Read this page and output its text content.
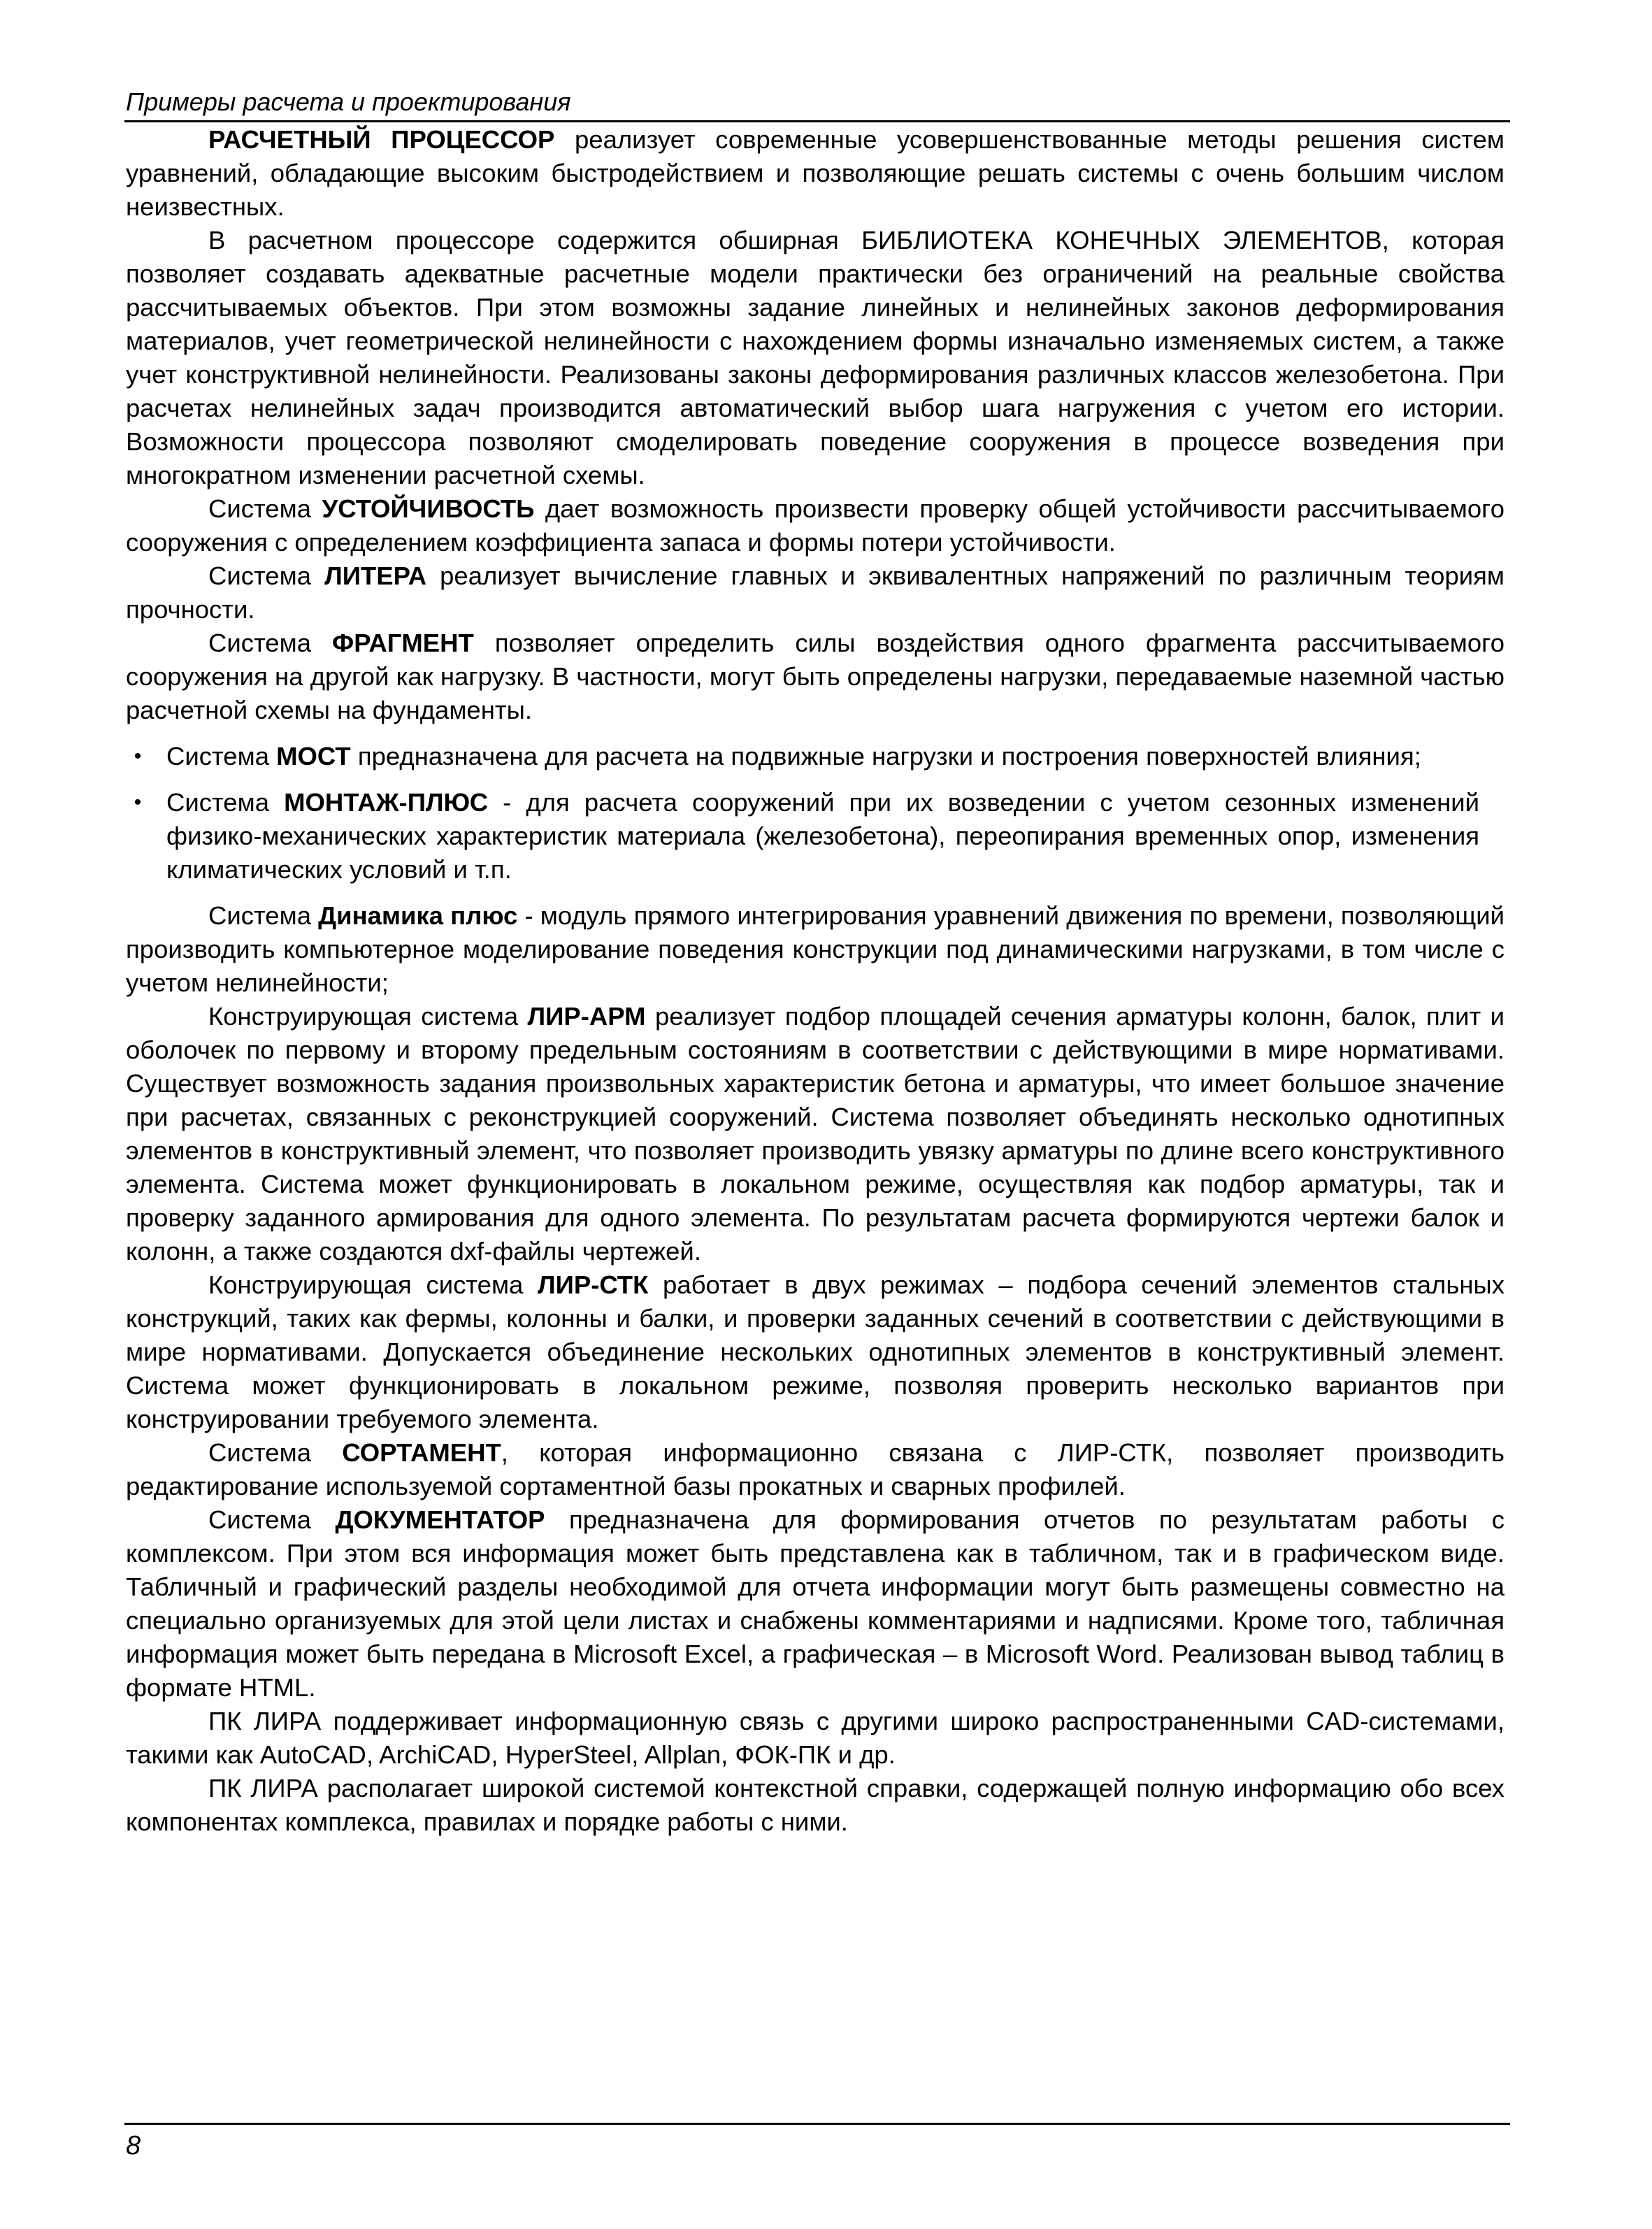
Примеры расчета и проектирования

РАСЧЕТНЫЙ ПРОЦЕССОР реализует современные усовершенствованные методы решения систем уравнений, обладающие высоким быстродействием и позволяющие решать системы с очень большим числом неизвестных.

В расчетном процессоре содержится обширная БИБЛИОТЕКА КОНЕЧНЫХ ЭЛЕМЕНТОВ, которая позволяет создавать адекватные расчетные модели практически без ограничений на реальные свойства рассчитываемых объектов. При этом возможны задание линейных и нелинейных законов деформирования материалов, учет геометрической нелинейности с нахождением формы изначально изменяемых систем, а также учет конструктивной нелинейности. Реализованы законы деформирования различных классов железобетона. При расчетах нелинейных задач производится автоматический выбор шага нагружения с учетом его истории. Возможности процессора позволяют смоделировать поведение сооружения в процессе возведения при многократном изменении расчетной схемы.

Система УСТОЙЧИВОСТЬ дает возможность произвести проверку общей устойчивости рассчитываемого сооружения с определением коэффициента запаса и формы потери устойчивости.

Система ЛИТЕРА реализует вычисление главных и эквивалентных напряжений по различным теориям прочности.

Система ФРАГМЕНТ позволяет определить силы воздействия одного фрагмента рассчитываемого сооружения на другой как нагрузку. В частности, могут быть определены нагрузки, передаваемые наземной частью расчетной схемы на фундаменты.

• Система МОСТ предназначена для расчета на подвижные нагрузки и построения поверхностей влияния;
• Система МОНТАЖ-ПЛЮС - для расчета сооружений при их возведении с учетом сезонных изменений физико-механических характеристик материала (железобетона), переопирания временных опор, изменения климатических условий и т.п.

Система Динамика плюс - модуль прямого интегрирования уравнений движения по времени, позволяющий производить компьютерное моделирование поведения конструкции под динамическими нагрузками, в том числе с учетом нелинейности;

Конструирующая система ЛИР-АРМ реализует подбор площадей сечения арматуры колонн, балок, плит и оболочек по первому и второму предельным состояниям в соответствии с действующими в мире нормативами. Существует возможность задания произвольных характеристик бетона и арматуры, что имеет большое значение при расчетах, связанных с реконструкцией сооружений. Система позволяет объединять несколько однотипных элементов в конструктивный элемент, что позволяет производить увязку арматуры по длине всего конструктивного элемента. Система может функционировать в локальном режиме, осуществляя как подбор арматуры, так и проверку заданного армирования для одного элемента. По результатам расчета формируются чертежи балок и колонн, а также создаются dxf-файлы чертежей.

Конструирующая система ЛИР-СТК работает в двух режимах – подбора сечений элементов стальных конструкций, таких как фермы, колонны и балки, и проверки заданных сечений в соответствии с действующими в мире нормативами. Допускается объединение нескольких однотипных элементов в конструктивный элемент. Система может функционировать в локальном режиме, позволяя проверить несколько вариантов при конструировании требуемого элемента.

Система СОРТАМЕНТ, которая информационно связана с ЛИР-СТК, позволяет производить редактирование используемой сортаментной базы прокатных и сварных профилей.

Система ДОКУМЕНТАТОР предназначена для формирования отчетов по результатам работы с комплексом. При этом вся информация может быть представлена как в табличном, так и в графическом виде. Табличный и графический разделы необходимой для отчета информации могут быть размещены совместно на специально организуемых для этой цели листах и снабжены комментариями и надписями. Кроме того, табличная информация может быть передана в Microsoft Excel, а графическая – в Microsoft Word. Реализован вывод таблиц в формате HTML.

ПК ЛИРА поддерживает информационную связь с другими широко распространенными CAD-системами, такими как AutoCAD, ArchiCAD, HyperSteel, Allplan, ФОК-ПК и др.

ПК ЛИРА располагает широкой системой контекстной справки, содержащей полную информацию обо всех компонентах комплекса, правилах и порядке работы с ними.

8
